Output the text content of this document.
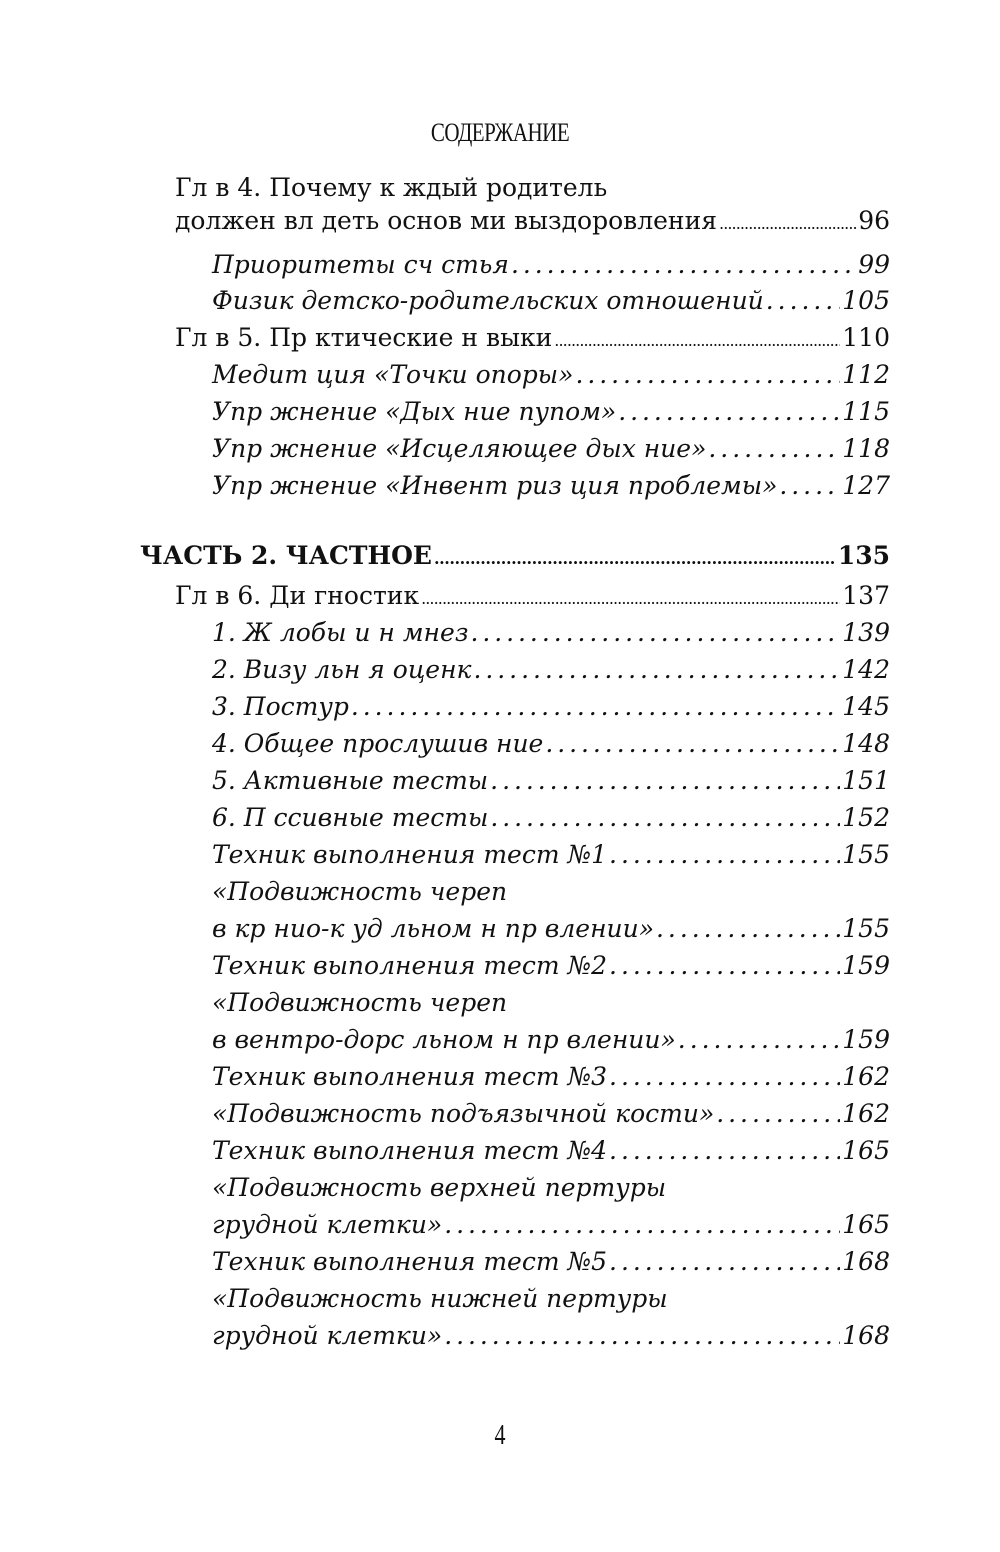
СОДЕРЖАНИЕ
Гл в 4. Почему к ждый родитель
должен вл деть основ ми выздоровления . . .	96
Приоритеты сч стья . . .	99
Физик детско-родительских отношений . . .	105
Гл в 5. Пр ктические н выки . . .	110
Медит ция «Точки опоры» . . .	112
Упр жнение «Дых ние пупом» . . .	115
Упр жнение «Исцеляющее дых ние» . . .	118
Упр жнение «Инвент риз ция проблемы» . . .	127
ЧАСТЬ 2. ЧАСТНОЕ . . .	135
Гл в 6. Ди гностик . . .	137
1. Ж лобы и н мнез . . .	139
2. Визу льн я оценк . . .	142
3. Постур . . .	145
4. Общее прослушив ние . . .	148
5. Активные тесты . . .	151
6. П ссивные тесты . . .	152
Техник выполнения тест №1 . . .	155
«Подвижность череп
в кр нио-к уд льном н пр влении» . . .	155
Техник выполнения тест №2 . . .	159
«Подвижность череп
в вентро-дорс льном н пр влении» . . .	159
Техник выполнения тест №3 . . .	162
«Подвижность подъязычной кости» . . .	162
Техник выполнения тест №4 . . .	165
«Подвижность верхней пертуры
грудной клетки» . . .	165
Техник выполнения тест №5 . . .	168
«Подвижность нижней пертуры
грудной клетки» . . .	168
4
